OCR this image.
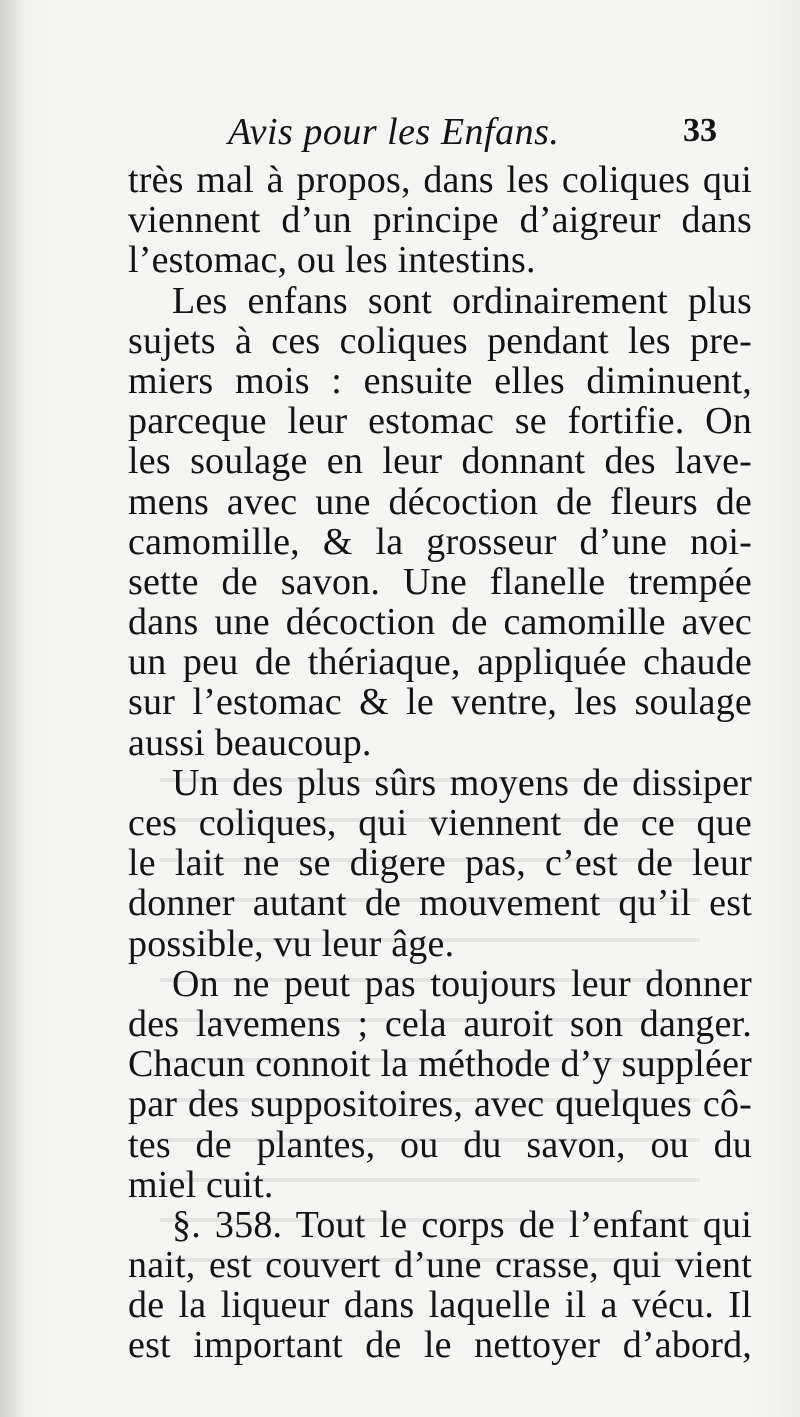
Avis pour les Enfans.	33
très mal à propos, dans les coliques qui
viennent d’un principe d’aigreur dans
l’estomac, ou les intestins.
Les enfans sont ordinairement plus
sujets à ces coliques pendant les pre-
miers mois : ensuite elles diminuent,
parceque leur estomac se fortifie. On
les soulage en leur donnant des lave-
mens avec une décoction de fleurs de
camomille, & la grosseur d’une noi-
sette de savon. Une flanelle trempée
dans une décoction de camomille avec
un peu de thériaque, appliquée chaude
sur l’estomac & le ventre, les soulage
aussi beaucoup.
Un des plus sûrs moyens de dissiper
ces coliques, qui viennent de ce que
le lait ne se digere pas, c’est de leur
donner autant de mouvement qu’il est
possible, vu leur âge.
On ne peut pas toujours leur donner
des lavemens ; cela auroit son danger.
Chacun connoit la méthode d’y suppléer
par des suppositoires, avec quelques cô-
tes de plantes, ou du savon, ou du
miel cuit.
§. 358. Tout le corps de l’enfant qui
nait, est couvert d’une crasse, qui vient
de la liqueur dans laquelle il a vécu. Il
est important de le nettoyer d’abord,
